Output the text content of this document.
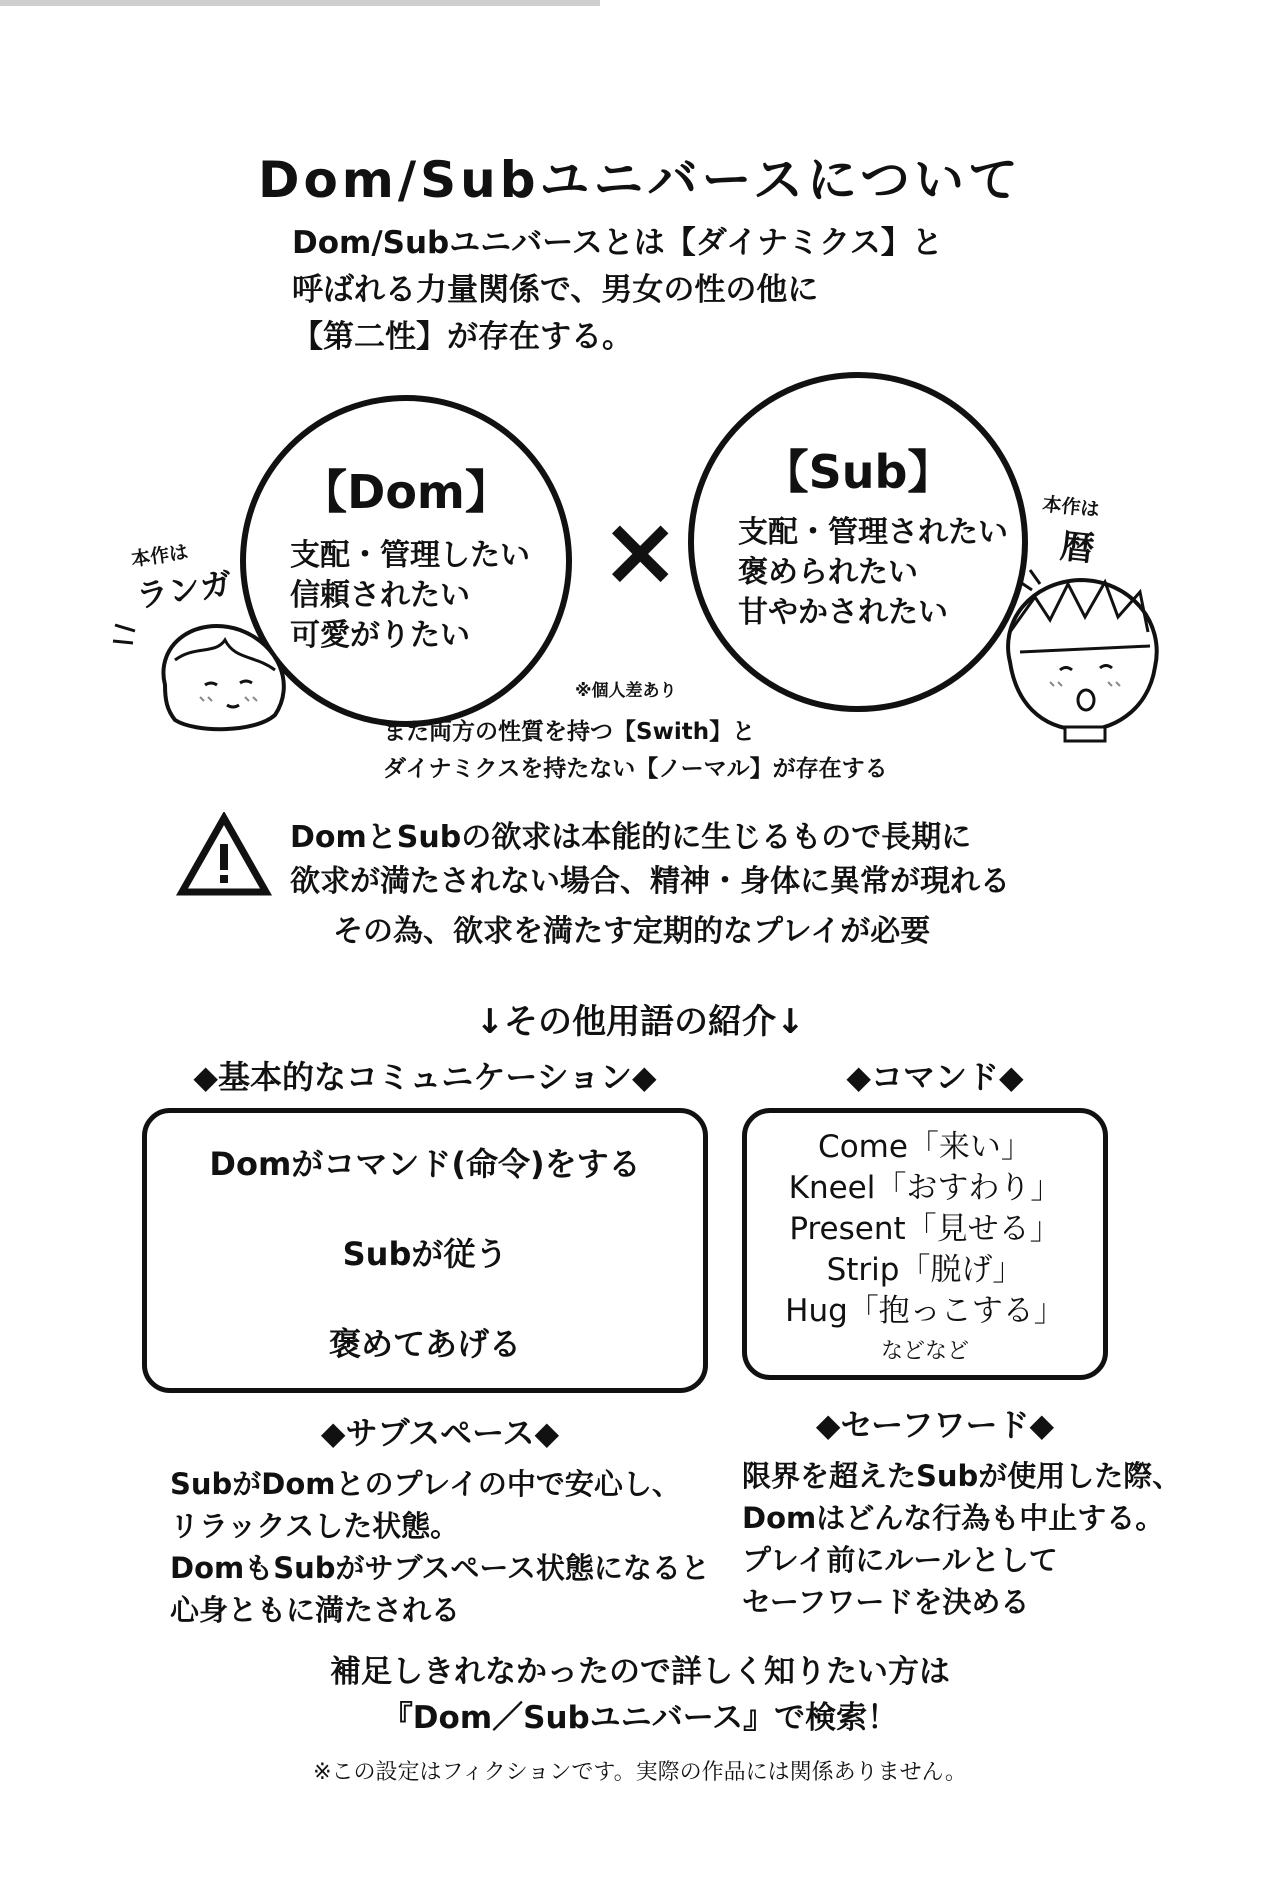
Dom/Subユニバースについて
Dom/Subユニバースとは【ダイナミクス】と
呼ばれる力量関係で、男女の性の他に
【第二性】が存在する。
【Dom】
支配・管理したい
信頼されたい
可愛がりたい
×
【Sub】
支配・管理されたい
褒められたい
甘やかされたい
本作は
ランガ
本作は
暦
※個人差あり
また両方の性質を持つ【Swith】と
ダイナミクスを持たない【ノーマル】が存在する
DomとSubの欲求は本能的に生じるもので長期に
欲求が満たされない場合、精神・身体に異常が現れる
その為、欲求を満たす定期的なプレイが必要
↓その他用語の紹介↓
◆基本的なコミュニケーション◆
Domがコマンド(命令)をする
Subが従う
褒めてあげる
◆コマンド◆
Come「来い」
Kneel「おすわり」
Present「見せる」
Strip「脱げ」
Hug「抱っこする」
などなど
◆サブスペース◆
SubがDomとのプレイの中で安心し、
リラックスした状態。
DomもSubがサブスペース状態になると
心身ともに満たされる
◆セーフワード◆
限界を超えたSubが使用した際、
Domはどんな行為も中止する。
プレイ前にルールとして
セーフワードを決める
補足しきれなかったので詳しく知りたい方は
『Dom／Subユニバース』で検索！
※この設定はフィクションです。実際の作品には関係ありません。
